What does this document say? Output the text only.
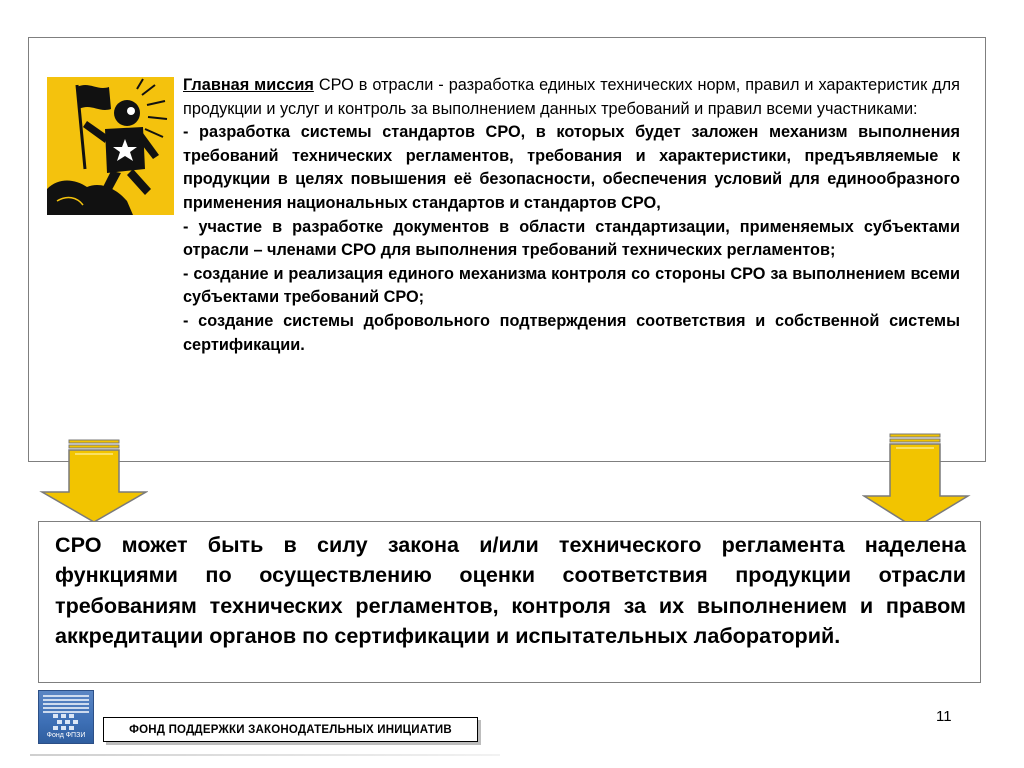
Главная миссия СРО в отрасли - разработка единых технических норм, правил и характеристик для продукции и услуг и контроль за выполнением данных требований и правил всеми участниками:

- разработка системы стандартов СРО, в которых будет заложен механизм выполнения требований технических регламентов, требования и характеристики, предъявляемые к продукции в целях повышения её безопасности, обеспечения условий для единообразного применения национальных стандартов и стандартов СРО,

- участие в разработке документов в области стандартизации, применяемых субъектами отрасли – членами СРО для выполнения требований технических регламентов;

- создание и реализация единого механизма контроля со стороны СРО за выполнением всеми субъектами требований СРО;

- создание системы добровольного подтверждения соответствия и собственной системы сертификации.

СРО может быть в силу закона и/или технического регламента наделена функциями по осуществлению оценки соответствия продукции отрасли требованиям технических регламентов, контроля за их выполнением и правом аккредитации органов по сертификации и испытательных лабораторий.

Фонд ФПЗИ	ФОНД ПОДДЕРЖКИ ЗАКОНОДАТЕЛЬНЫХ ИНИЦИАТИВ
11
